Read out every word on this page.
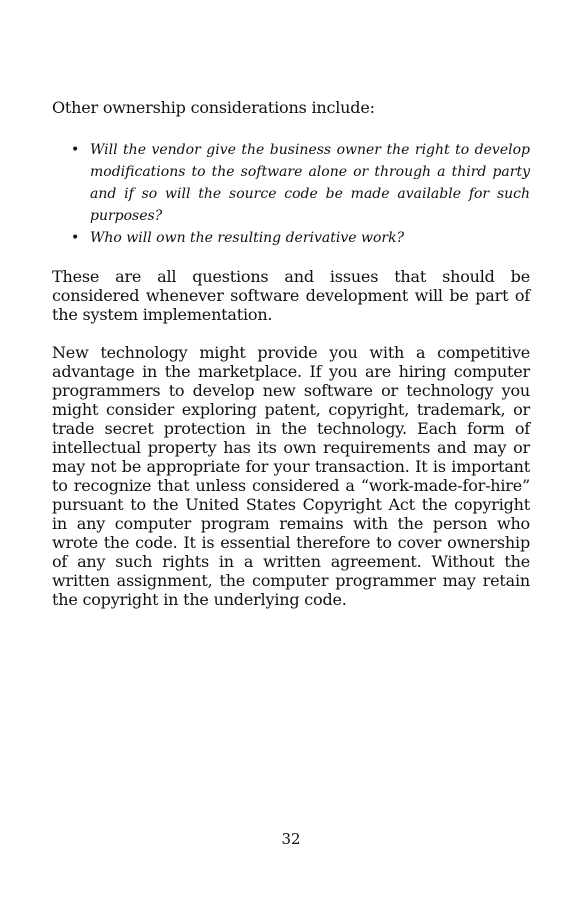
Other ownership considerations include:

• Will the vendor give the business owner the right to develop modifications to the software alone or through a third party and if so will the source code be made available for such purposes?
• Who will own the resulting derivative work?

These are all questions and issues that should be considered whenever software development will be part of the system implementation.

New technology might provide you with a competitive advantage in the marketplace. If you are hiring computer programmers to develop new software or technology you might consider exploring patent, copyright, trademark, or trade secret protection in the technology. Each form of intellectual property has its own requirements and may or may not be appropriate for your transaction. It is important to recognize that unless considered a “work-made-for-hire” pursuant to the United States Copyright Act the copyright in any computer program remains with the person who wrote the code. It is essential therefore to cover ownership of any such rights in a written agreement. Without the written assignment, the computer programmer may retain the copyright in the underlying code.

32
